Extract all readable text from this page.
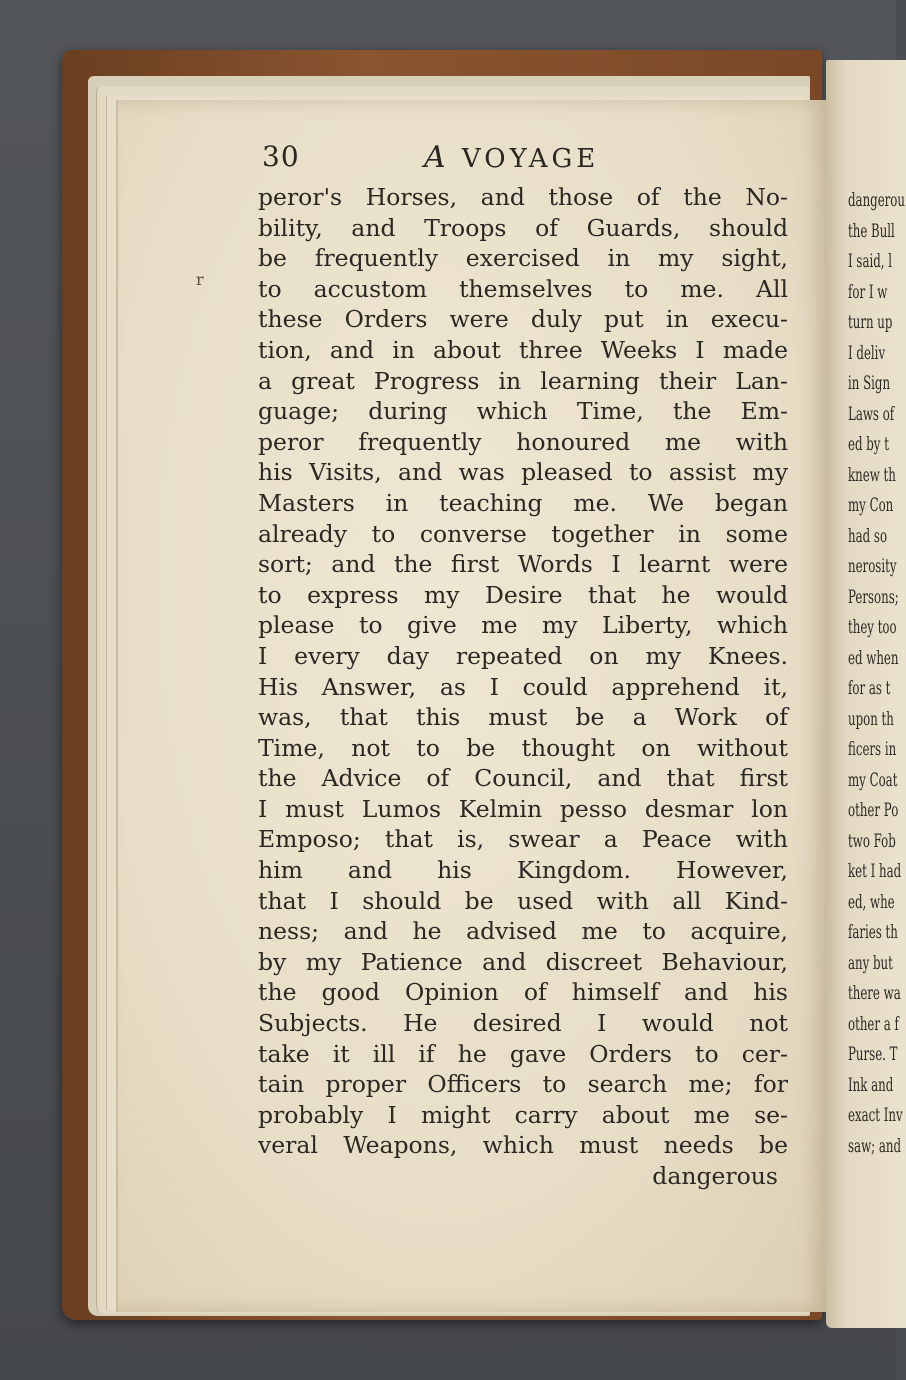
dangerou
the Bull
I said, l
for I w
turn up
I deliv
in Sign
Laws of
ed by t
knew th
my Con
had so
nerosity
Persons;
they too
ed when
for as t
upon th
ficers in
my Coat
other Po
two Fob
ket I had
ed, whe
faries th
any but
there wa
other a f
Purse. T
Ink and
exact Inv
saw; and
r
30	A VOYAGE
peror's Horses, and those of the No-
bility, and Troops of Guards, should
be frequently exercised in my sight,
to accustom themselves to me. All
these Orders were duly put in execu-
tion, and in about three Weeks I made
a great Progress in learning their Lan-
guage; during which Time, the Em-
peror frequently honoured me with
his Visits, and was pleased to assist my
Masters in teaching me. We began
already to converse together in some
sort; and the first Words I learnt were
to express my Desire that he would
please to give me my Liberty, which
I every day repeated on my Knees.
His Answer, as I could apprehend it,
was, that this must be a Work of
Time, not to be thought on without
the Advice of Council, and that first
I must Lumos Kelmin pesso desmar lon
Emposo; that is, swear a Peace with
him and his Kingdom. However,
that I should be used with all Kind-
ness; and he advised me to acquire,
by my Patience and discreet Behaviour,
the good Opinion of himself and his
Subjects. He desired I would not
take it ill if he gave Orders to cer-
tain proper Officers to search me; for
probably I might carry about me se-
veral Weapons, which must needs be
dangerous
